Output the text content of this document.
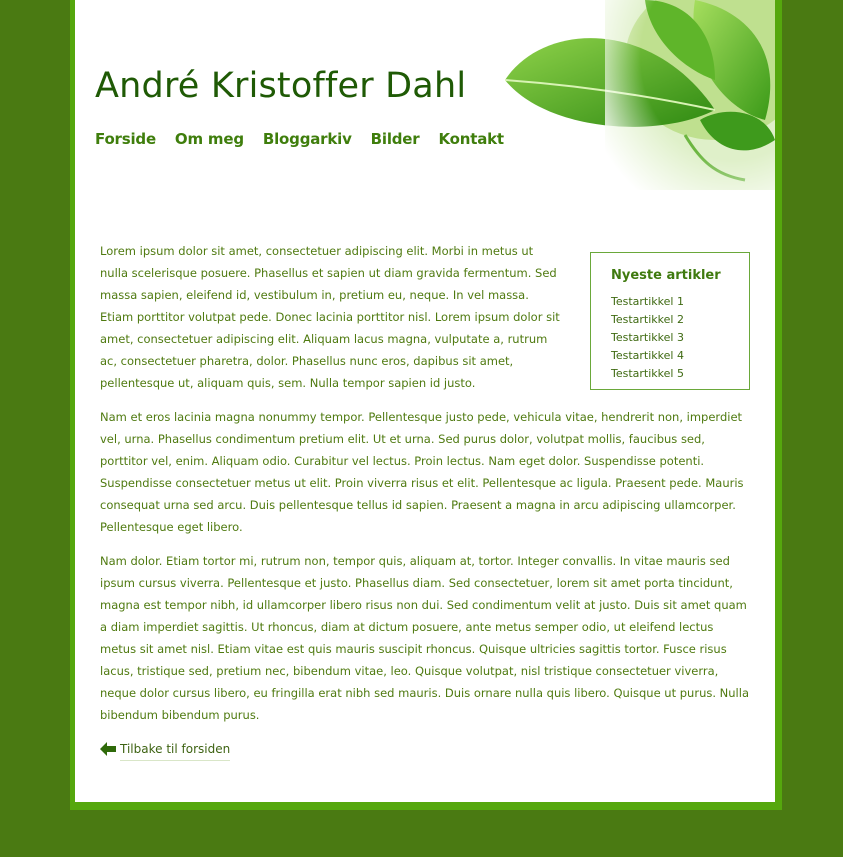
André Kristoffer Dahl
Forside Om meg Bloggarkiv Bilder Kontakt
Nyeste artikler
Testartikkel 1
Testartikkel 2
Testartikkel 3
Testartikkel 4
Testartikkel 5

Lorem ipsum dolor sit amet, consectetuer adipiscing elit. Morbi in metus ut nulla scelerisque posuere. Phasellus et sapien ut diam gravida fermentum. Sed massa sapien, eleifend id, vestibulum in, pretium eu, neque. In vel massa. Etiam porttitor volutpat pede. Donec lacinia porttitor nisl. Lorem ipsum dolor sit amet, consectetuer adipiscing elit. Aliquam lacus magna, vulputate a, rutrum ac, consectetuer pharetra, dolor. Phasellus nunc eros, dapibus sit amet, pellentesque ut, aliquam quis, sem. Nulla tempor sapien id justo.

Nam et eros lacinia magna nonummy tempor. Pellentesque justo pede, vehicula vitae, hendrerit non, imperdiet vel, urna. Phasellus condimentum pretium elit. Ut et urna. Sed purus dolor, volutpat mollis, faucibus sed, porttitor vel, enim. Aliquam odio. Curabitur vel lectus. Proin lectus. Nam eget dolor. Suspendisse potenti. Suspendisse consectetuer metus ut elit. Proin viverra risus et elit. Pellentesque ac ligula. Praesent pede. Mauris consequat urna sed arcu. Duis pellentesque tellus id sapien. Praesent a magna in arcu adipiscing ullamcorper. Pellentesque eget libero.

Nam dolor. Etiam tortor mi, rutrum non, tempor quis, aliquam at, tortor. Integer convallis. In vitae mauris sed ipsum cursus viverra. Pellentesque et justo. Phasellus diam. Sed consectetuer, lorem sit amet porta tincidunt, magna est tempor nibh, id ullamcorper libero risus non dui. Sed condimentum velit at justo. Duis sit amet quam a diam imperdiet sagittis. Ut rhoncus, diam at dictum posuere, ante metus semper odio, ut eleifend lectus metus sit amet nisl. Etiam vitae est quis mauris suscipit rhoncus. Quisque ultricies sagittis tortor. Fusce risus lacus, tristique sed, pretium nec, bibendum vitae, leo. Quisque volutpat, nisl tristique consectetuer viverra, neque dolor cursus libero, eu fringilla erat nibh sed mauris. Duis ornare nulla quis libero. Quisque ut purus. Nulla bibendum bibendum purus.

Tilbake til forsiden
